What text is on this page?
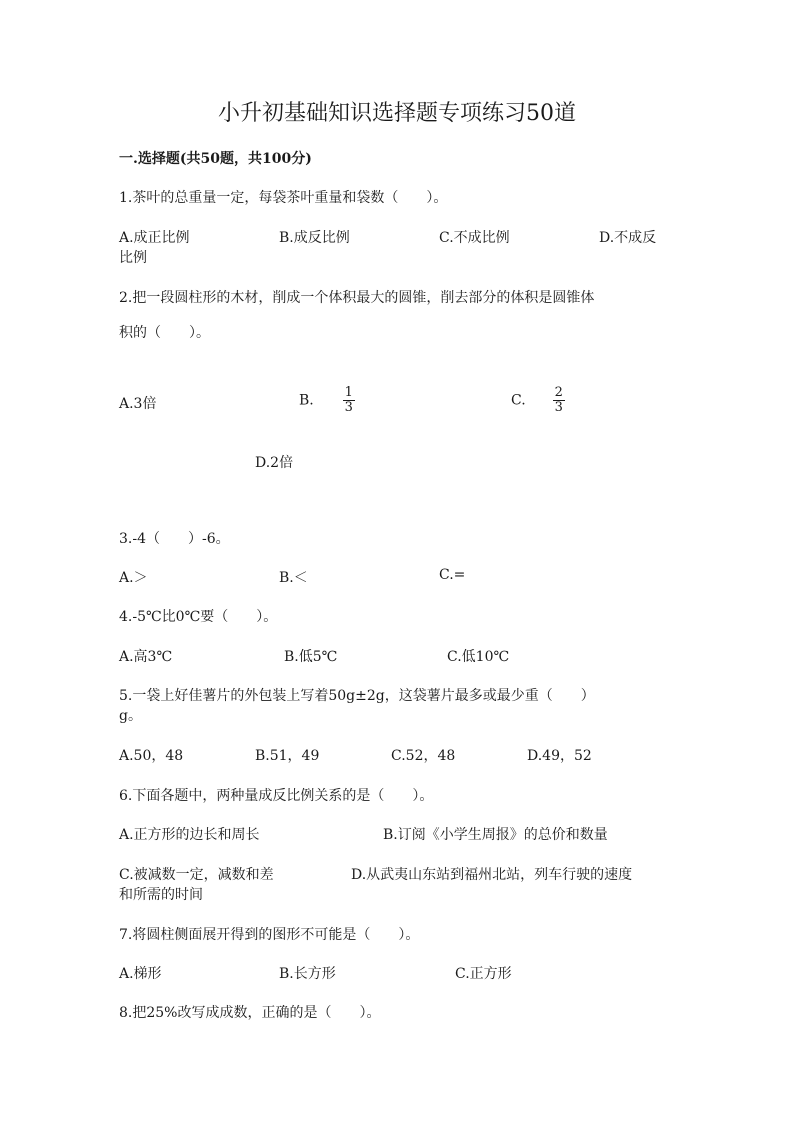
小升初基础知识选择题专项练习50道
一.选择题(共50题，共100分)
1.茶叶的总重量一定，每袋茶叶重量和袋数（　　）。
A.成正比例	B.成反比例	C.不成比例	D.不成反
比例
2.把一段圆柱形的木材，削成一个体积最大的圆锥，削去部分的体积是圆锥体
积的（　　）。
A.3倍	B. $\frac{1}{3}$	C. $\frac{2}{3}$
D.2倍
3.-4（　　）-6。
A.＞	B.＜	C.=
4.-5℃比0℃要（　　）。
A.高3℃	B.低5℃	C.低10℃
5.一袋上好佳薯片的外包装上写着50g±2g，这袋薯片最多或最少重（　　）
g。
A.50，48	B.51，49	C.52，48	D.49，52
6.下面各题中，两种量成反比例关系的是（　　）。
A.正方形的边长和周长	B.订阅《小学生周报》的总价和数量
C.被减数一定，减数和差	D.从武夷山东站到福州北站，列车行驶的速度
和所需的时间
7.将圆柱侧面展开得到的图形不可能是（　　）。
A.梯形	B.长方形	C.正方形
8.把25%改写成成数，正确的是（　　）。
